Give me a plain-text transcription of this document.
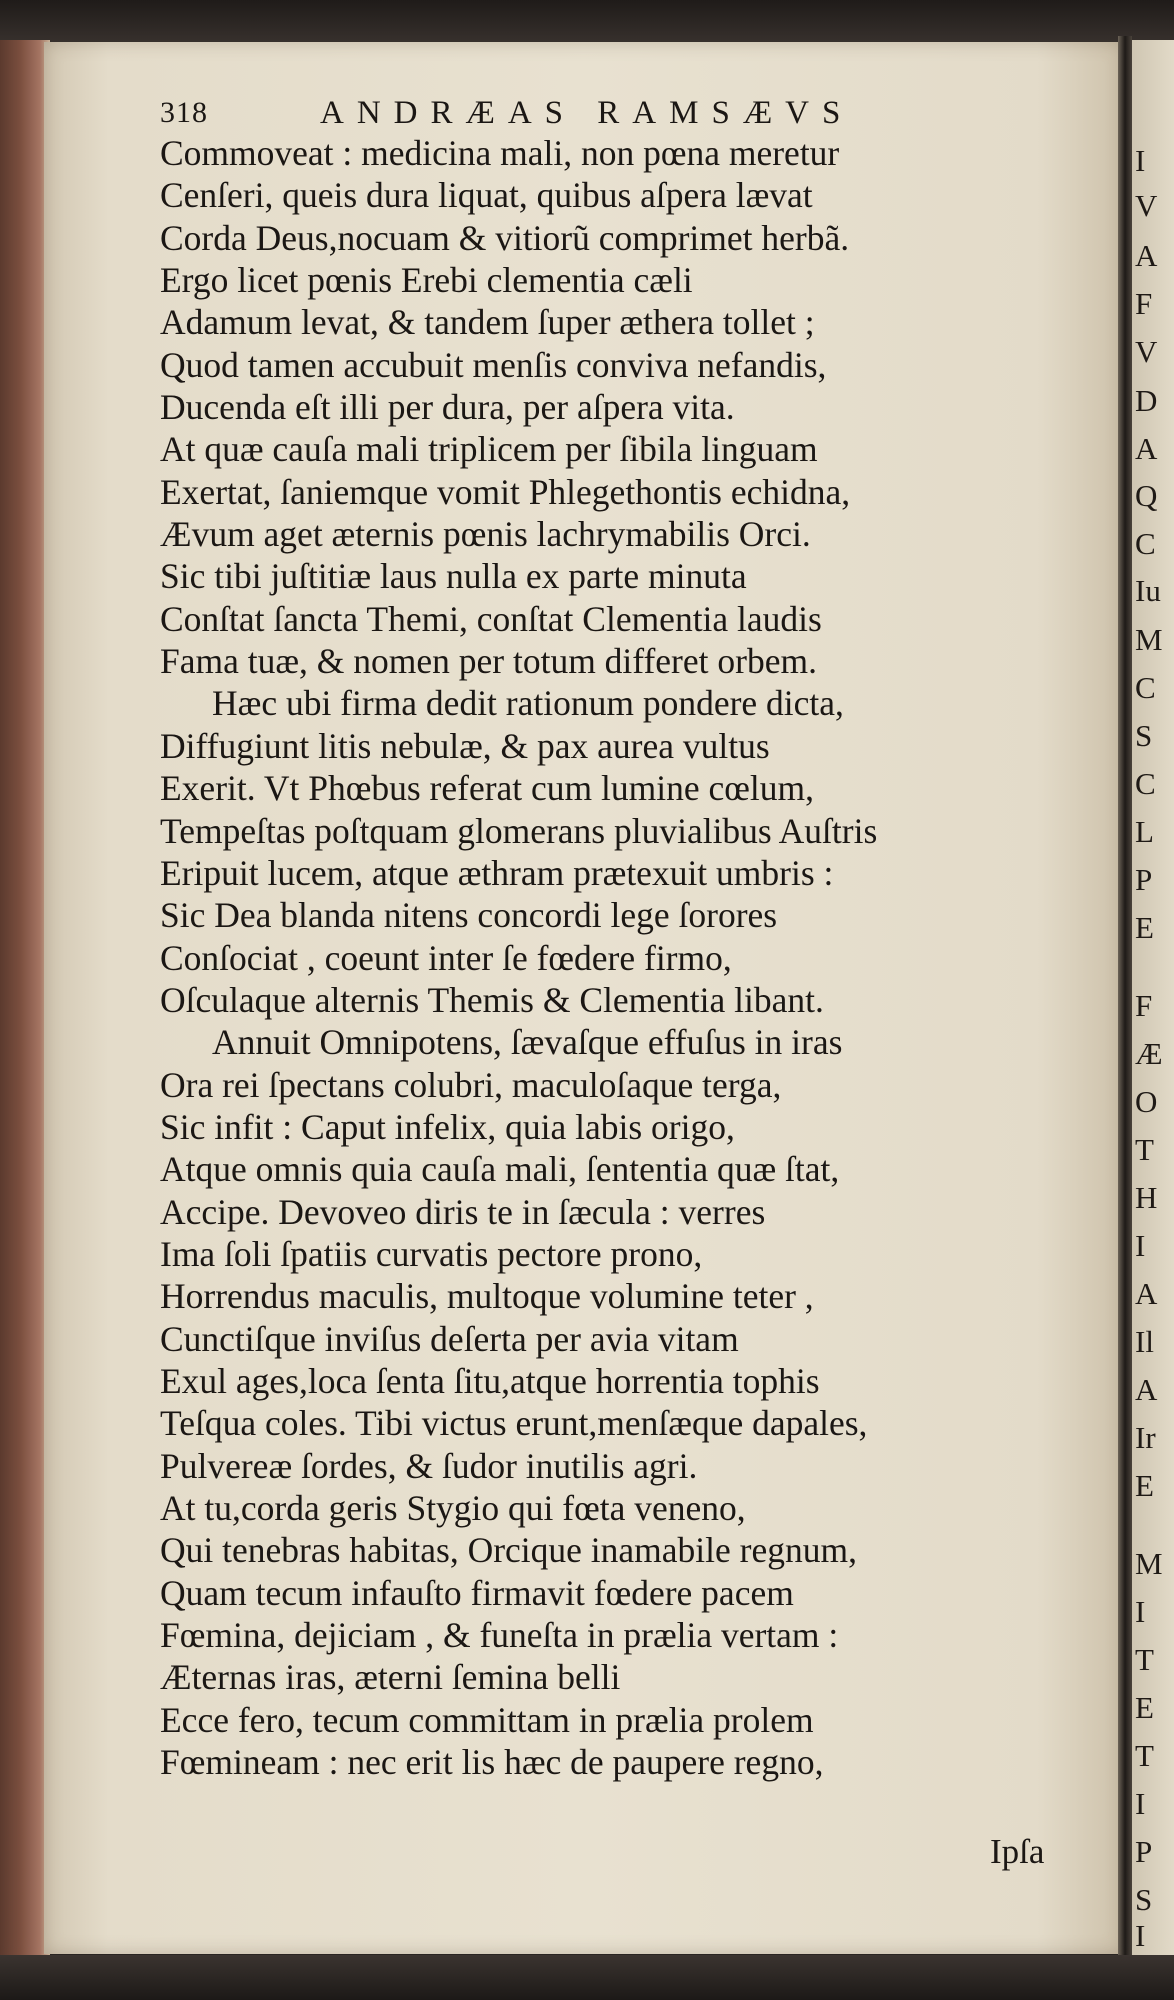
I
V
A
F
V
D
A
Q
C
Iu
M
C
S
C
L
P
E
F
Æ
O
T
H
I
A
Il
A
Ir
E
M
I
T
E
T
I
P
S
I
318	ANDRÆAS RAMSÆVS
Commoveat : medicina mali, non pœna meretur
Cenſeri, queis dura liquat, quibus aſpera lævat
Corda Deus,nocuam & vitiorũ comprimet herbã.
Ergo licet pœnis Erebi clementia cæli
Adamum levat, & tandem ſuper æthera tollet ;
Quod tamen accubuit menſis conviva nefandis,
Ducenda eſt illi per dura, per aſpera vita.
At quæ cauſa mali triplicem per ſibila linguam
Exertat, ſaniemque vomit Phlegethontis echidna,
Ævum aget æternis pœnis lachrymabilis Orci.
Sic tibi juſtitiæ laus nulla ex parte minuta
Conſtat ſancta Themi, conſtat Clementia laudis
Fama tuæ, & nomen per totum differet orbem.
Hæc ubi firma dedit rationum pondere dicta,
Diffugiunt litis nebulæ, & pax aurea vultus
Exerit. Vt Phœbus referat cum lumine cœlum,
Tempeſtas poſtquam glomerans pluvialibus Auſtris
Eripuit lucem, atque æthram prætexuit umbris :
Sic Dea blanda nitens concordi lege ſorores
Conſociat , coeunt inter ſe fœdere firmo,
Oſculaque alternis Themis & Clementia libant.
Annuit Omnipotens, ſævaſque effuſus in iras
Ora rei ſpectans colubri, maculoſaque terga,
Sic infit : Caput infelix, quia labis origo,
Atque omnis quia cauſa mali, ſententia quæ ſtat,
Accipe. Devoveo diris te in ſæcula : verres
Ima ſoli ſpatiis curvatis pectore prono,
Horrendus maculis, multoque volumine teter ,
Cunctiſque inviſus deſerta per avia vitam
Exul ages,loca ſenta ſitu,atque horrentia tophis
Teſqua coles. Tibi victus erunt,menſæque dapales,
Pulvereæ ſordes, & ſudor inutilis agri.
At tu,corda geris Stygio qui fœta veneno,
Qui tenebras habitas, Orcique inamabile regnum,
Quam tecum infauſto firmavit fœdere pacem
Fœmina, dejiciam , & funeſta in prælia vertam :
Æternas iras, æterni ſemina belli
Ecce fero, tecum committam in prælia prolem
Fœmineam : nec erit lis hæc de paupere regno,
Ipſa
